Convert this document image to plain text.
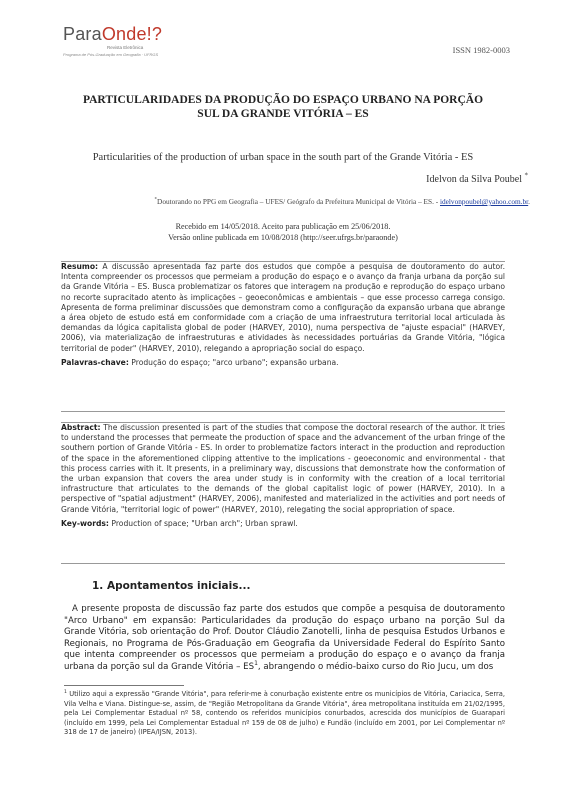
ParaOnde!?
Revista Eletrônica
Programa de Pós-Graduação em Geografia · UFRGS	ISSN 1982-0003
PARTICULARIDADES DA PRODUÇÃO DO ESPAÇO URBANO NA PORÇÃO
SUL DA GRANDE VITÓRIA – ES
Particularities of the production of urban space in the south part of the Grande Vitória - ES
Idelvon da Silva Poubel *
*Doutorando no PPG em Geografia – UFES/ Geógrafo da Prefeitura Municipal de Vitória – ES. - idelvonpoubel@yahoo.com.br.
Recebido em 14/05/2018. Aceito para publicação em 25/06/2018.
Versão online publicada em 10/08/2018 (http://seer.ufrgs.br/paraonde)

Resumo: A discussão apresentada faz parte dos estudos que compõe a pesquisa de doutoramento do autor. Intenta compreender os processos que permeiam a produção do espaço e o avanço da franja urbana da porção sul da Grande Vitória – ES. Busca problematizar os fatores que interagem na produção e reprodução do espaço urbano no recorte supracitado atento às implicações – geoeconômicas e ambientais – que esse processo carrega consigo. Apresenta de forma preliminar discussões que demonstram como a configuração da expansão urbana que abrange a área objeto de estudo está em conformidade com a criação de uma infraestrutura territorial local articulada às demandas da lógica capitalista global de poder (HARVEY, 2010), numa perspectiva de "ajuste espacial" (HARVEY, 2006), via materialização de infraestruturas e atividades às necessidades portuárias da Grande Vitória, "lógica territorial de poder" (HARVEY, 2010), relegando a apropriação social do espaço.

Palavras-chave: Produção do espaço; "arco urbano"; expansão urbana.

Abstract: The discussion presented is part of the studies that compose the doctoral research of the author. It tries to understand the processes that permeate the production of space and the advancement of the urban fringe of the southern portion of Grande Vitória - ES. In order to problematize factors interact in the production and reproduction of the space in the aforementioned clipping attentive to the implications - geoeconomic and environmental - that this process carries with it. It presents, in a preliminary way, discussions that demonstrate how the conformation of the urban expansion that covers the area under study is in conformity with the creation of a local territorial infrastructure that articulates to the demands of the global capitalist logic of power (HARVEY, 2010). In a perspective of "spatial adjustment" (HARVEY, 2006), manifested and materialized in the activities and port needs of Grande Vitória, "territorial logic of power" (HARVEY, 2010), relegating the social appropriation of space.

Key-words: Production of space; "Urban arch"; Urban sprawl.

1. Apontamentos iniciais...

A presente proposta de discussão faz parte dos estudos que compõe a pesquisa de doutoramento "Arco Urbano" em expansão: Particularidades da produção do espaço urbano na porção Sul da Grande Vitória, sob orientação do Prof. Doutor Cláudio Zanotelli, linha de pesquisa Estudos Urbanos e Regionais, no Programa de Pós-Graduação em Geografia da Universidade Federal do Espírito Santo que intenta compreender os processos que permeiam a produção do espaço e o avanço da franja urbana da porção sul da Grande Vitória – $ES^1$, abrangendo o médio-baixo curso do Rio Jucu, um dos

$^1$ Utilizo aqui a expressão "Grande Vitória", para referir-me à conurbação existente entre os municípios de Vitória, Cariacica, Serra, Vila Velha e Viana. Distingue-se, assim, de "Região Metropolitana da Grande Vitória", área metropolitana instituída em 21/02/1995, pela Lei Complementar Estadual nº 58, contendo os referidos municípios conurbados, acrescida dos municípios de Guarapari (incluído em 1999, pela Lei Complementar Estadual nº 159 de 08 de julho) e Fundão (incluído em 2001, por Lei Complementar nº 318 de 17 de janeiro) (IPEA/IJSN, 2013).
